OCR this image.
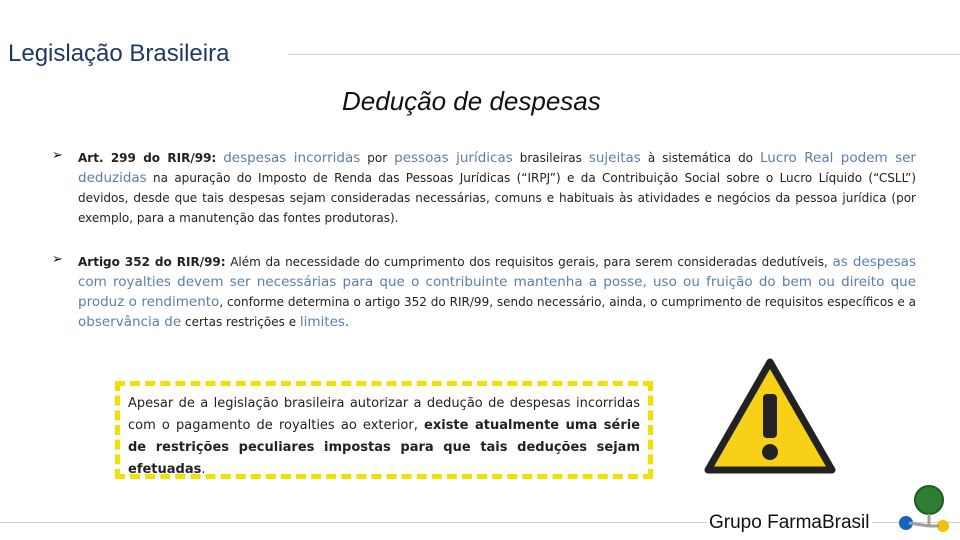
Legislação Brasileira
Dedução de despesas
➢ Art. 299 do RIR/99: despesas incorridas por pessoas jurídicas brasileiras sujeitas à sistemática do Lucro Real podem ser deduzidas na apuração do Imposto de Renda das Pessoas Jurídicas (“IRPJ”) e da Contribuição Social sobre o Lucro Líquido (“CSLL”) devidos, desde que tais despesas sejam consideradas necessárias, comuns e habituais às atividades e negócios da pessoa jurídica (por exemplo, para a manutenção das fontes produtoras).

➢ Artigo 352 do RIR/99: Além da necessidade do cumprimento dos requisitos gerais, para serem consideradas dedutíveis, as despesas com royalties devem ser necessárias para que o contribuinte mantenha a posse, uso ou fruição do bem ou direito que produz o rendimento, conforme determina o artigo 352 do RIR/99, sendo necessário, ainda, o cumprimento de requisitos específicos e a observância de certas restrições e limites.

Apesar de a legislação brasileira autorizar a dedução de despesas incorridas com o pagamento de royalties ao exterior, existe atualmente uma série de restrições peculiares impostas para que tais deduções sejam efetuadas.

Grupo FarmaBrasil
